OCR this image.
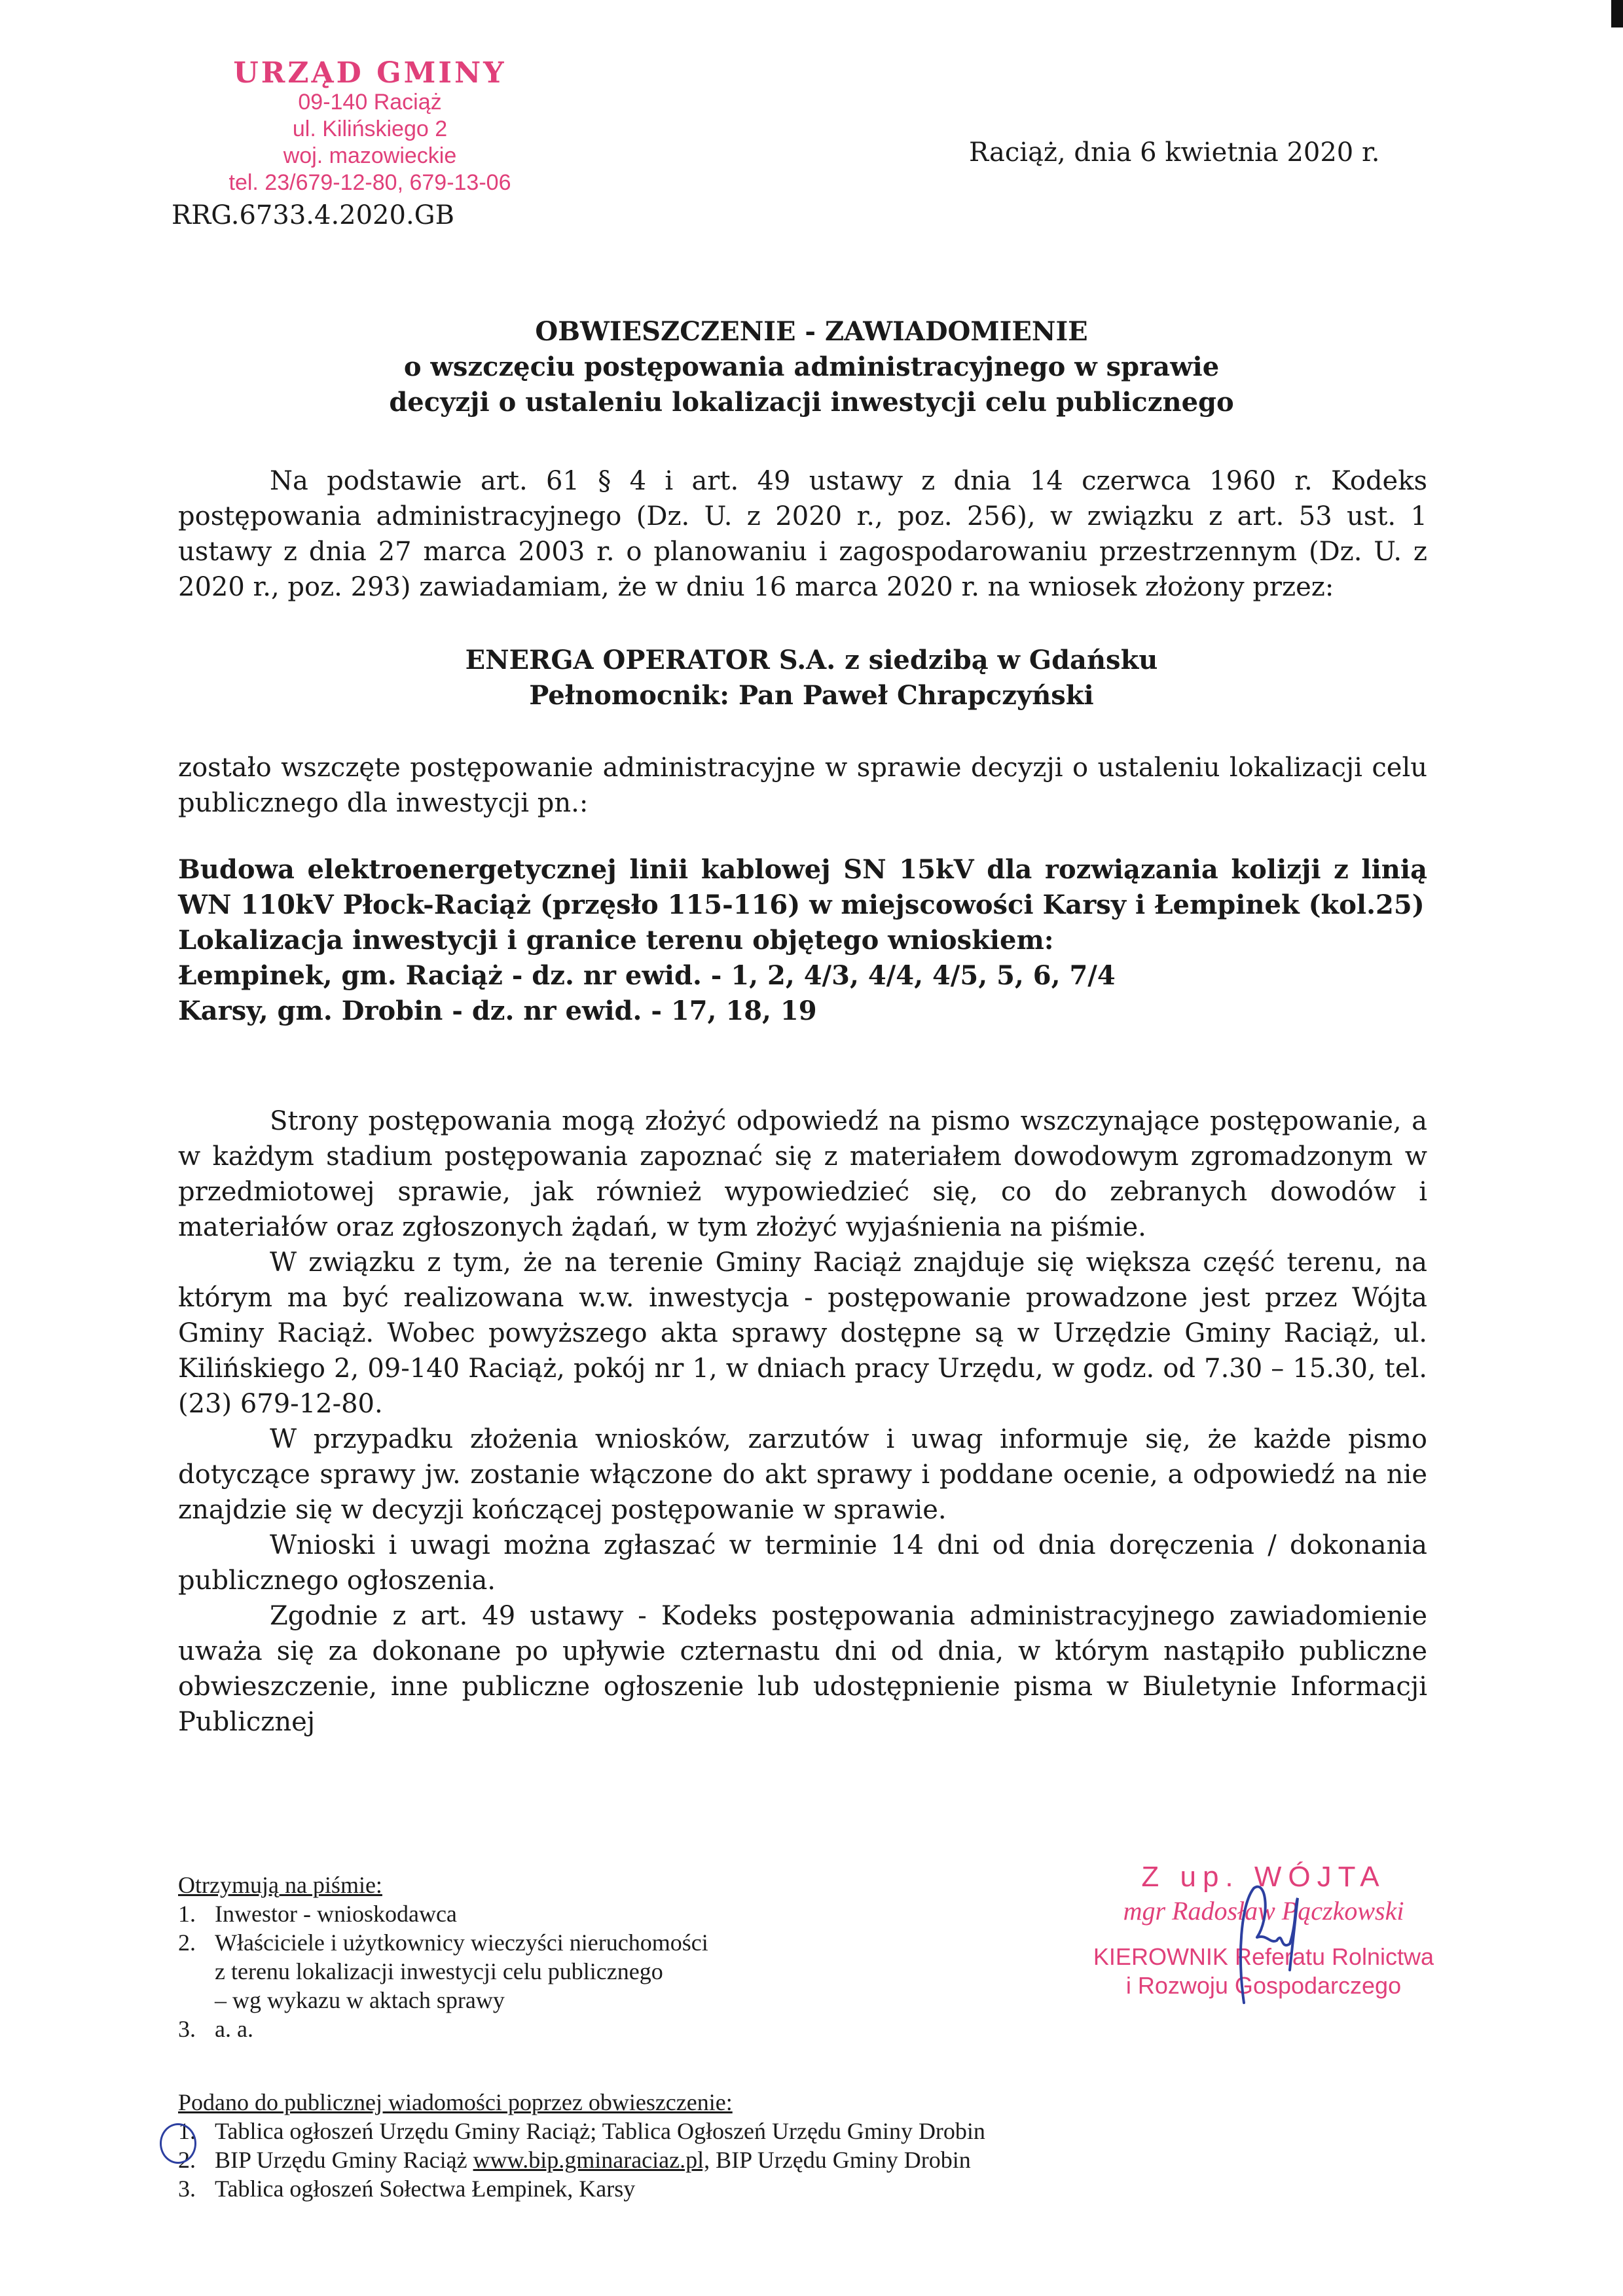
URZĄD GMINY
09-140 Raciąż
ul. Kilińskiego 2
woj. mazowieckie
tel. 23/679-12-80, 679-13-06
RRG.6733.4.2020.GB
Raciąż, dnia 6 kwietnia 2020 r.
OBWIESZCZENIE - ZAWIADOMIENIE
o wszczęciu postępowania administracyjnego w sprawie
decyzji o ustaleniu lokalizacji inwestycji celu publicznego
Na podstawie art. 61 § 4 i art. 49 ustawy z dnia 14 czerwca 1960 r. Kodeks postępowania administracyjnego (Dz. U. z 2020 r., poz. 256), w związku z art. 53 ust. 1 ustawy z dnia 27 marca 2003 r. o planowaniu i zagospodarowaniu przestrzennym (Dz. U. z 2020 r., poz. 293) zawiadamiam, że w dniu 16 marca 2020 r. na wniosek złożony przez:
ENERGA OPERATOR S.A. z siedzibą w Gdańsku
Pełnomocnik: Pan Paweł Chrapczyński
zostało wszczęte postępowanie administracyjne w sprawie decyzji o ustaleniu lokalizacji celu publicznego dla inwestycji pn.:
Budowa elektroenergetycznej linii kablowej SN 15kV dla rozwiązania kolizji z linią WN 110kV Płock-Raciąż (przęsło 115-116) w miejscowości Karsy i Łempinek (kol.25)
Lokalizacja inwestycji i granice terenu objętego wnioskiem:
Łempinek, gm. Raciąż - dz. nr ewid. - 1, 2, 4/3, 4/4, 4/5, 5, 6, 7/4
Karsy, gm. Drobin - dz. nr ewid. - 17, 18, 19
Strony postępowania mogą złożyć odpowiedź na pismo wszczynające postępowanie, a w każdym stadium postępowania zapoznać się z materiałem dowodowym zgromadzonym w przedmiotowej sprawie, jak również wypowiedzieć się, co do zebranych dowodów i materiałów oraz zgłoszonych żądań, w tym złożyć wyjaśnienia na piśmie.
W związku z tym, że na terenie Gminy Raciąż znajduje się większa część terenu, na którym ma być realizowana w.w. inwestycja - postępowanie prowadzone jest przez Wójta Gminy Raciąż. Wobec powyższego akta sprawy dostępne są w Urzędzie Gminy Raciąż, ul. Kilińskiego 2, 09-140 Raciąż, pokój nr 1, w dniach pracy Urzędu, w godz. od 7.30 – 15.30, tel. (23) 679-12-80.
W przypadku złożenia wniosków, zarzutów i uwag informuje się, że każde pismo dotyczące sprawy jw. zostanie włączone do akt sprawy i poddane ocenie, a odpowiedź na nie znajdzie się w decyzji kończącej postępowanie w sprawie.
Wnioski i uwagi można zgłaszać w terminie 14 dni od dnia doręczenia / dokonania publicznego ogłoszenia.
Zgodnie z art. 49 ustawy - Kodeks postępowania administracyjnego zawiadomienie uważa się za dokonane po upływie czternastu dni od dnia, w którym nastąpiło publiczne obwieszczenie, inne publiczne ogłoszenie lub udostępnienie pisma w Biuletynie Informacji Publicznej
Otrzymują na piśmie:
1. Inwestor - wnioskodawca
2. Właściciele i użytkownicy wieczyści nieruchomości
z terenu lokalizacji inwestycji celu publicznego
– wg wykazu w aktach sprawy
3. a. a.
Z up. WÓJTA
mgr Radosław Pączkowski
KIEROWNIK Referatu Rolnictwa
i Rozwoju Gospodarczego
Podano do publicznej wiadomości poprzez obwieszczenie:
1. Tablica ogłoszeń Urzędu Gminy Raciąż; Tablica Ogłoszeń Urzędu Gminy Drobin
2. BIP Urzędu Gminy Raciąż www.bip.gminaraciaz.pl, BIP Urzędu Gminy Drobin
3. Tablica ogłoszeń Sołectwa Łempinek, Karsy
